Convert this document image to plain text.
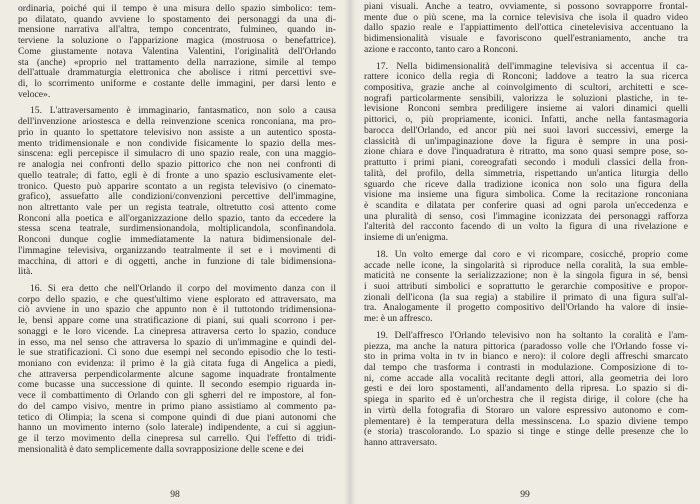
ordinaria, poiché qui il tempo è una misura dello spazio simbolico: tem-
po dilatato, quando avviene lo spostamento dei personaggi da una di-
mensione narrativa all'altra, tempo concentrato, fulmineo, quando in-
terviene la soluzione o l'apparizione magica (mostruosa o benefattrice).
Come giustamente notava Valentina Valentini, l'originalità dell'Orlando
sta (anche) «proprio nel trattamento della narrazione, simile al tempo
dell'attuale drammaturgia elettronica che abolisce i ritmi percettivi sve-
di, lo scorrimento uniforme e costante delle immagini, per darsi lento e
veloce».
15. L'attraversamento è immaginario, fantasmatico, non solo a causa
dell'invenzione ariostesca e della reinvenzione scenica ronconiana, ma pro-
prio in quanto lo spettatore televisivo non assiste a un autentico sposta-
mento tridimensionale e non condivide fisicamente lo spazio della mes-
sinscena: egli percepisce il simulacro di uno spazio reale, con una maggio-
re analogia nei confronti dello spazio pittorico che non nei confronti di
quello teatrale; di fatto, egli è di fronte a uno spazio esclusivamente elet-
tronico. Questo può apparire scontato a un regista televisivo (o cinemato-
grafico), assuefatto alle condizioni/convenzioni percettive dell'immagine,
non altrettanto vale per un regista teatrale, oltretutto così attento come
Ronconi alla poetica e all'organizzazione dello spazio, tanto da eccedere la
stessa scena teatrale, surdimensionandola, moltiplicandola, sconfinandola.
Ronconi dunque coglie immediatamente la natura bidimensionale del-
l'immagine televisiva, organizzando teatralmente il set e i movimenti di
macchina, di attori e di oggetti, anche in funzione di tale bidimensiona-
lità.
16. Si era detto che nell'Orlando il corpo del movimento danza con il
corpo dello spazio, e che quest'ultimo viene esplorato ed attraversato, ma
ciò avviene in uno spazio che appunto non è il tuttotondo tridimensiona-
le, bensì appare come una stratificazione di piani, sui quali scorrono i per-
sonaggi e le loro vicende. La cinepresa attraversa certo lo spazio, conduce
in esso, ma nel senso che attraversa lo spazio di un'immagine e quindi del-
le sue stratificazioni. Ci sono due esempi nel secondo episodio che lo testi-
moniano con evidenza: il primo è la già citata fuga di Angelica a piedi,
che attraversa perpendicolarmente alcune sagome inquadrate frontalmente
come bucasse una successione di quinte. Il secondo esempio riguarda in-
vece il combattimento di Orlando con gli sgherri del re impostore, al fon-
do del campo visivo, mentre in primo piano assistiamo al commento pa-
tetico di Olimpia; la scena si compone quindi di due piani autonomi che
hanno un movimento interno (solo laterale) indipendente, a cui si aggiun-
ge il terzo movimento della cinepresa sul carrello. Qui l'effetto di tridi-
mensionalità è dato semplicemente dalla sovrapposizione delle scene e dei
98
piani visuali. Anche a teatro, ovviamente, si possono sovrapporre frontal-
mente due o più scene, ma la cornice televisiva che isola il quadro video
dallo spazio reale e l'appiattimento dell'ottica cinetelevisiva accentuano la
bidimensionalità visuale e favoriscono quell'estraniamento, anche tra
azione e racconto, tanto caro a Ronconi.
17. Nella bidimensionalità dell'immagine televisiva si accentua il ca-
rattere iconico della regia di Ronconi; laddove a teatro la sua ricerca
compositiva, grazie anche al coinvolgimento di scultori, architetti e sce-
nografi particolarmente sensibili, valorizza le soluzioni plastiche, in te-
levisione Ronconi sembra prediligere insieme ai valori dinamici quelli
pittorici, o, più propriamente, iconici. Infatti, anche nella fantasmagoria
barocca dell'Orlando, ed ancor più nei suoi lavori successivi, emerge la
classicità di un'impaginazione dove la figura è sempre in una posi-
zione chiara e dove l'inquadratura è ritratto, ma sono quasi sempre pose, so-
prattutto i primi piani, coreografati secondo i moduli classici della fron-
talità, del profilo, della simmetria, rispettando un'antica liturgia dello
sguardo che riceve dalla tradizione iconica non solo una figura della
visione ma insieme una figura simbolica. Come la recitazione ronconiana
è scandita e dilatata per conferire quasi ad ogni parola un'eccedenza e
una pluralità di senso, così l'immagine iconizzata dei personaggi rafforza
l'alterità del racconto facendo di un volto la figura di una rivelazione e
insieme di un'enigma.
18. Un volto emerge dal coro e vi ricompare, cosicché, proprio come
accade nelle icone, la singolarità si riproduce nella coralità, la sua emble-
maticità ne consente la serializzazione; non è la singola figura in sé, bensì
i suoi attributi simbolici e soprattutto le gerarchie compositive e propor-
zionali dell'icona (la sua regia) a stabilire il primato di una figura sull'al-
tra. Analogamente il progetto compositivo dell'Orlando ha valore di insie-
me: è un affresco.
19. Dell'affresco l'Orlando televisivo non ha soltanto la coralità e l'am-
piezza, ma anche la natura pittorica (paradosso volle che l'Orlando fosse vi-
sto in prima volta in tv in bianco e nero): il colore degli affreschi smarcato
dal tempo che trasforma i contrasti in modulazione. Composizione di to-
ni, come accade alla vocalità recitante degli attori, alla geometria dei loro
gesti e dei loro spostamenti, all'andamento della ripresa. Lo spazio si di-
spiega in sparito ed è un'orchestra che il regista dirige, il colore (che ha
in virtù della fotografia di Storaro un valore espressivo autonomo e com-
plementare) è la temperatura della messinscena. Lo spazio diviene tempo
(e storia) trascolorando. Lo spazio si tinge e stinge delle presenze che lo
hanno attraversato.
99
